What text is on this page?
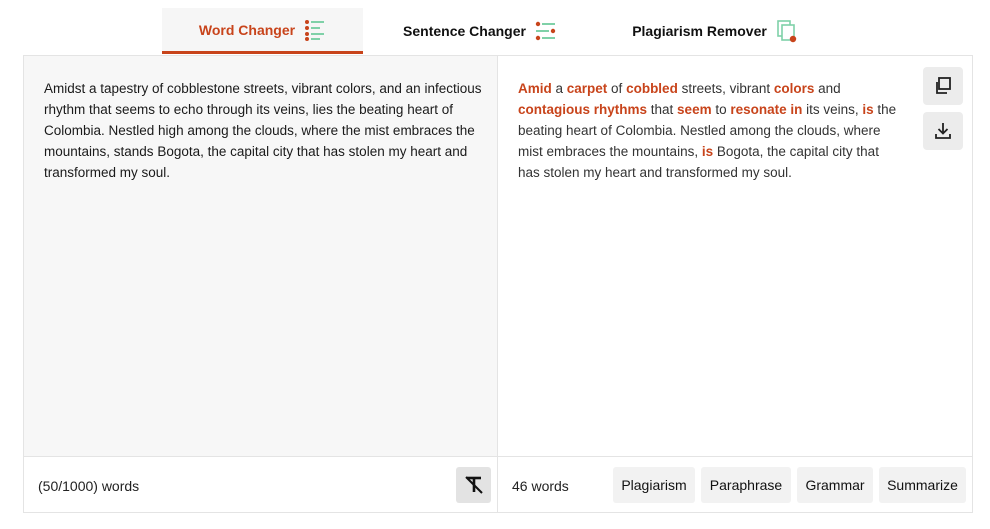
Word Changer	Sentence Changer	Plagiarism Remover
Amidst a tapestry of cobblestone streets, vibrant colors, and an infectious rhythm that seems to echo through its veins, lies the beating heart of Colombia. Nestled high among the clouds, where the mist embraces the mountains, stands Bogota, the capital city that has stolen my heart and transformed my soul.
Amid a carpet of cobbled streets, vibrant colors and contagious rhythms that seem to resonate in its veins, is the beating heart of Colombia. Nestled among the clouds, where mist embraces the mountains, is Bogota, the capital city that has stolen my heart and transformed my soul.
(50/1000) words	46 words	Plagiarism	Paraphrase	Grammar	Summarize
